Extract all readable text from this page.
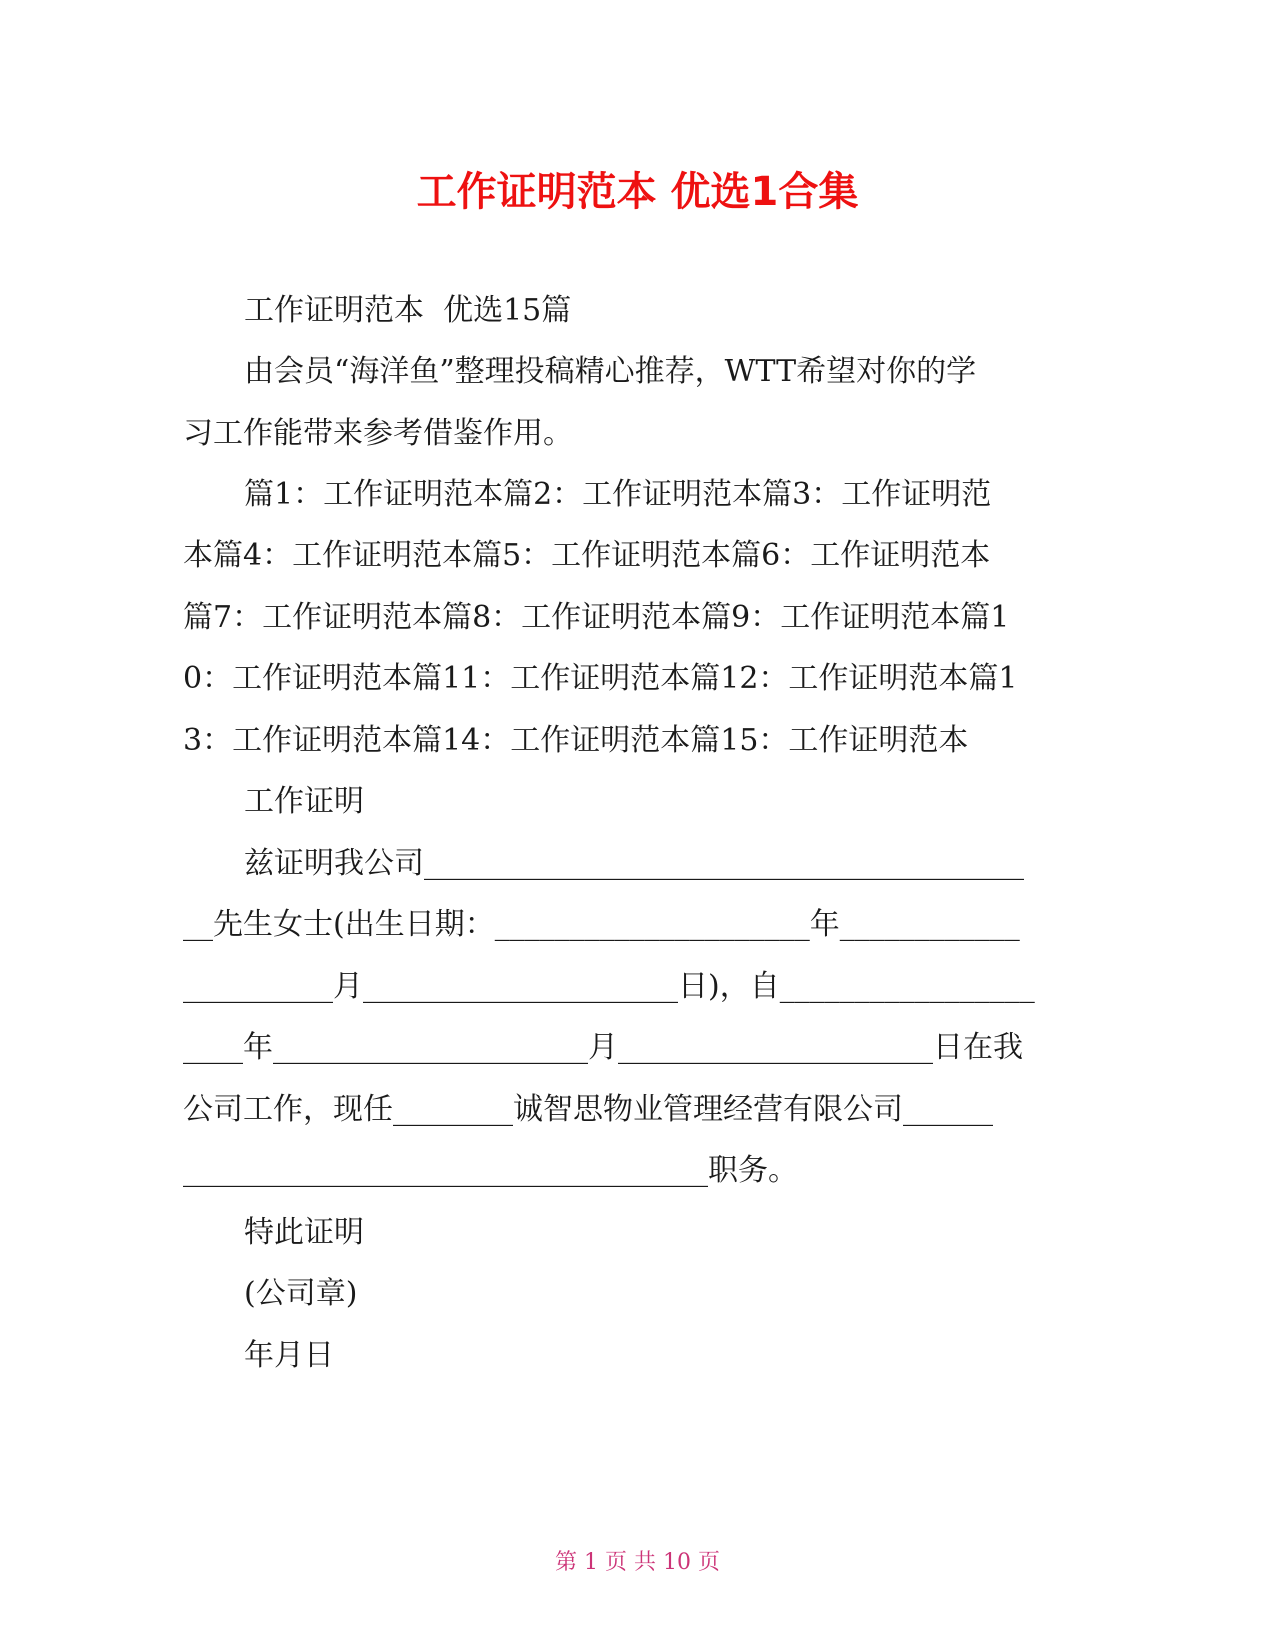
工作证明范本 优选1合集
工作证明范本  优选15篇
由会员“海洋鱼”整理投稿精心推荐，WTT希望对你的学
习工作能带来参考借鉴作用。
篇1：工作证明范本篇2：工作证明范本篇3：工作证明范
本篇4：工作证明范本篇5：工作证明范本篇6：工作证明范本
篇7：工作证明范本篇8：工作证明范本篇9：工作证明范本篇1
0：工作证明范本篇11：工作证明范本篇12：工作证明范本篇1
3：工作证明范本篇14：工作证明范本篇15：工作证明范本
工作证明
兹证明我公司________________________________________
__先生女士(出生日期：_____________________年____________
__________月_____________________日)，自_________________
____年_____________________月_____________________日在我
公司工作，现任________诚智思物业管理经营有限公司______
___________________________________职务。
特此证明
(公司章)
年月日
第 1 页 共 10 页
